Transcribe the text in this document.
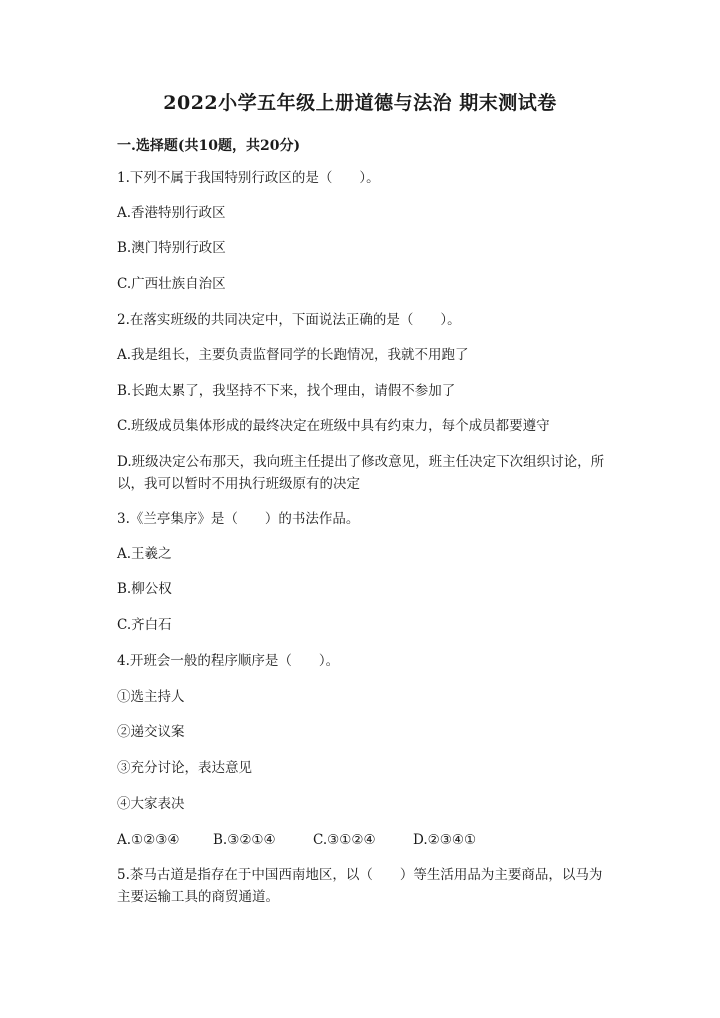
2022小学五年级上册道德与法治 期末测试卷
一.选择题(共10题，共20分)
1.下列不属于我国特别行政区的是（　　）。
A.香港特别行政区
B.澳门特别行政区
C.广西壮族自治区
2.在落实班级的共同决定中，下面说法正确的是（　　）。
A.我是组长，主要负责监督同学的长跑情况，我就不用跑了
B.长跑太累了，我坚持不下来，找个理由，请假不参加了
C.班级成员集体形成的最终决定在班级中具有约束力，每个成员都要遵守
D.班级决定公布那天，我向班主任提出了修改意见，班主任决定下次组织讨论，所以，我可以暂时不用执行班级原有的决定
3.《兰亭集序》是（　　）的书法作品。
A.王羲之
B.柳公权
C.齐白石
4.开班会一般的程序顺序是（　　）。
①选主持人
②递交议案
③充分讨论，表达意见
④大家表决
A.①②③④ B.③②①④	C.③①②④	D.②③④①
5.茶马古道是指存在于中国西南地区，以（　　）等生活用品为主要商品，以马为主要运输工具的商贸通道。
